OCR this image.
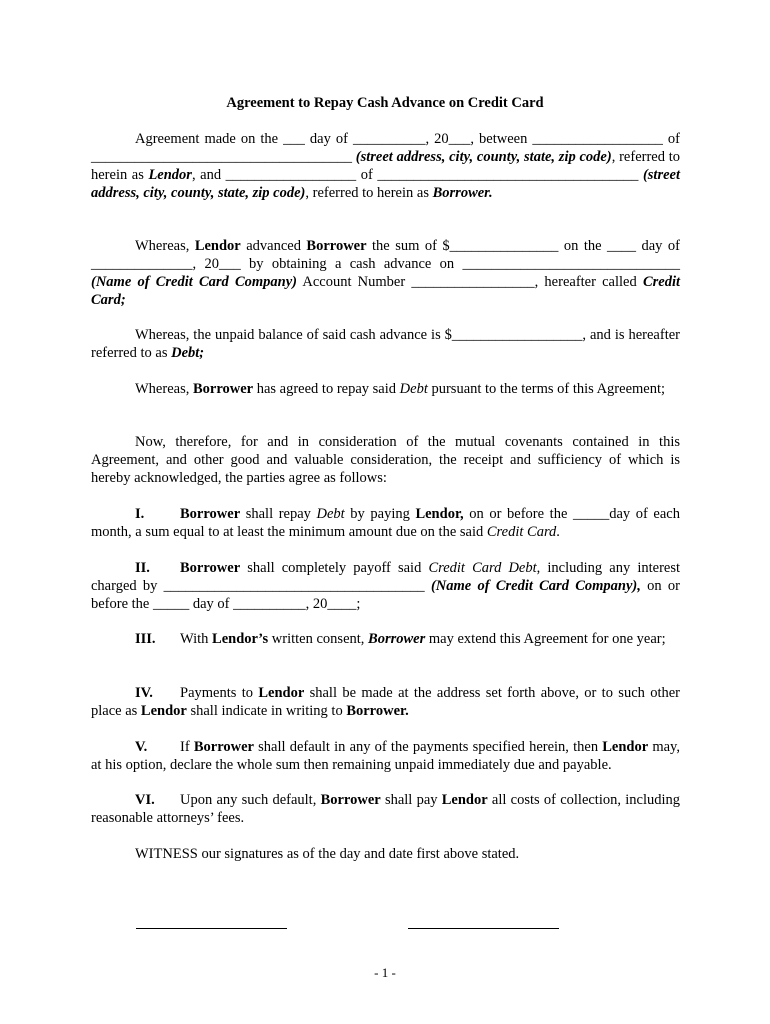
Agreement to Repay Cash Advance on Credit Card
Agreement made on the ___ day of __________, 20___, between __________________ of ____________________________________ (street address, city, county, state, zip code), referred to herein as Lendor, and __________________ of ____________________________________ (street address, city, county, state, zip code), referred to herein as Borrower.
Whereas, Lendor advanced Borrower the sum of $_______________ on the ____ day of ______________, 20___ by obtaining a cash advance on ______________________________ (Name of Credit Card Company) Account Number _________________, hereafter called Credit Card;
Whereas, the unpaid balance of said cash advance is $__________________, and is hereafter referred to as Debt;
Whereas, Borrower has agreed to repay said Debt pursuant to the terms of this Agreement;
Now, therefore, for and in consideration of the mutual covenants contained in this Agreement, and other good and valuable consideration, the receipt and sufficiency of which is hereby acknowledged, the parties agree as follows:
I. Borrower shall repay Debt by paying Lendor, on or before the _____day of each month, a sum equal to at least the minimum amount due on the said Credit Card.
II. Borrower shall completely payoff said Credit Card Debt, including any interest charged by ____________________________________ (Name of Credit Card Company), on or before the _____ day of __________, 20____;
III. With Lendor’s written consent, Borrower may extend this Agreement for one year;
IV. Payments to Lendor shall be made at the address set forth above, or to such other place as Lendor shall indicate in writing to Borrower.
V. If Borrower shall default in any of the payments specified herein, then Lendor may, at his option, declare the whole sum then remaining unpaid immediately due and payable.
VI. Upon any such default, Borrower shall pay Lendor all costs of collection, including reasonable attorneys’ fees.
WITNESS our signatures as of the day and date first above stated.
- 1 -
